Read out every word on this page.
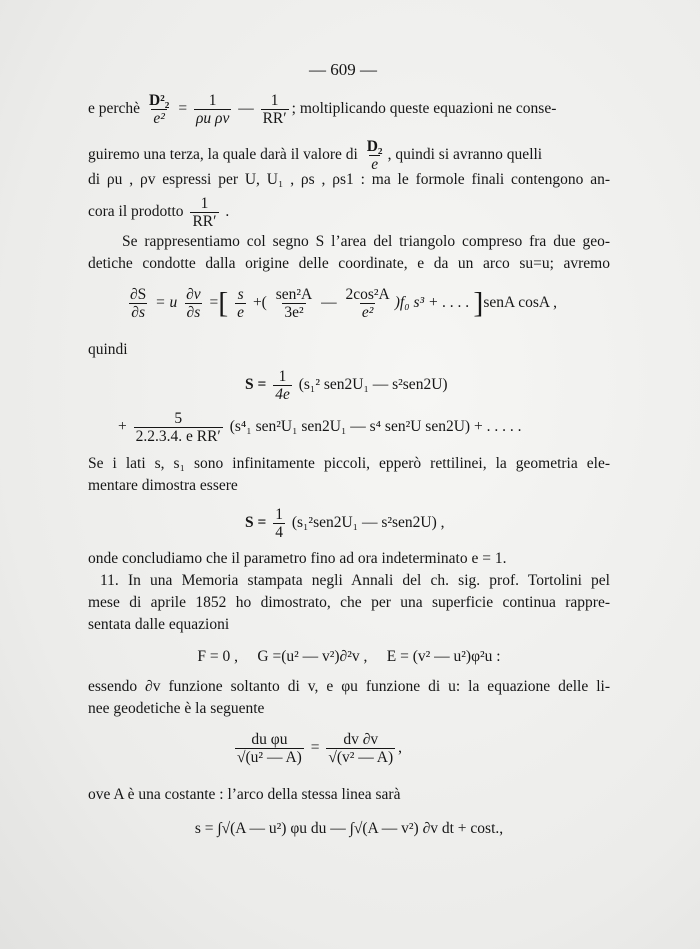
— 609 —
e perchè $\frac{\text{D²₂}}{\text{e²}} = \frac{1}{\text{ρu ρv}}$ — $\frac{1}{RR'}$ ; moltiplicando queste equazioni ne conse-
guiremo una terza, la quale darà il valore di $\frac{\text{D₂}}{e}$ , quindi si avranno quelli
di ρu , ρv espressi per U, U₁ , ρs , ρs1 : ma le formole finali contengono an-
cora il prodotto $\frac{1}{RR'}$ .
Se rappresentiamo col segno S l’area del triangolo compreso fra due geo-
detiche condotte dalla origine delle coordinate, e da un arco su=u; avremo
$\frac{\partial S}{\partial s} = u \frac{\partial v}{\partial s}$ =[ $\frac{s}{e}$ +( $\frac{\text{sen²A}}{\text{3e²}}$ — $\frac{\text{2cos²A}}{\text{e²}} )f_0$ s³ + . . . . ]senA cosA ,
quindi
$S = \frac{1}{4e} (s_1^2$ sen2U₁ — s²sen2U)
+ $\frac{5}{\text{2.2.3.4. e RR′}} (s^4_1$ sen²U₁ sen2U₁ — s⁴ sen²U sen2U) + . . . . .
Se i lati s, s₁ sono infinitamente piccoli, epperò rettilinei, la geometria ele-
mentare dimostra essere
$S = \frac{1}{4} (s_1^2sen2U_1$ — s²sen2U) ,
onde concludiamo che il parametro fino ad ora indeterminato e = 1.
11. In una Memoria stampata negli Annali del ch. sig. prof. Tortolini pel
mese di aprile 1852 ho dimostrato, che per una superficie continua rappre-
sentata dalle equazioni
F = 0 ,     G =(u² — v²)∂²v ,     E = (v² — u²)φ²u :
essendo ∂v funzione soltanto di v, e φu funzione di u: la equazione delle li-
nee geodetiche è la seguente
$\frac{\text{du φu}}{\text{√(u² — A)}} = \frac{dv \partial v}{\text{√(v² — A)}}$ ,
ove A è una costante : l’arco della stessa linea sarà
s = ∫√(A — u²) φu du — ∫√(A — v²) ∂v dt + cost.,
